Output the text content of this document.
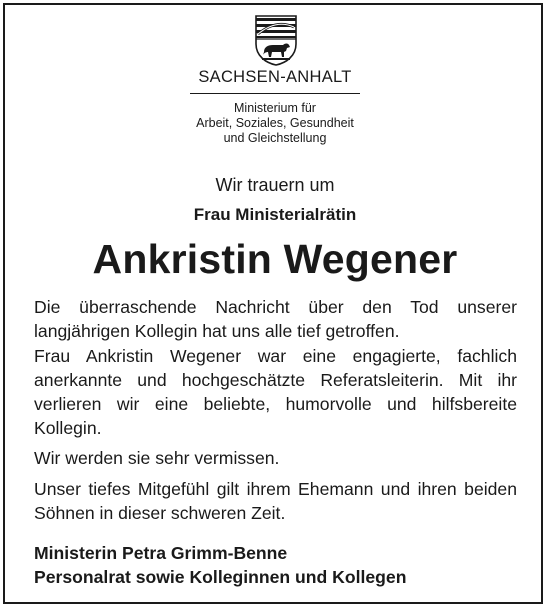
SACHSEN-ANHALT
Ministerium für
Arbeit, Soziales, Gesundheit
und Gleichstellung
Wir trauern um
Frau Ministerialrätin
Ankristin Wegener
Die überraschende Nachricht über den Tod unserer langjährigen Kollegin hat uns alle tief getroffen.
Frau Ankristin Wegener war eine engagierte, fachlich anerkannte und hochgeschätzte Referatsleiterin. Mit ihr verlieren wir eine beliebte, humorvolle und hilfsbereite Kollegin.
Wir werden sie sehr vermissen.
Unser tiefes Mitgefühl gilt ihrem Ehemann und ihren beiden Söhnen in dieser schweren Zeit.
Ministerin Petra Grimm-Benne
Personalrat sowie Kolleginnen und Kollegen
